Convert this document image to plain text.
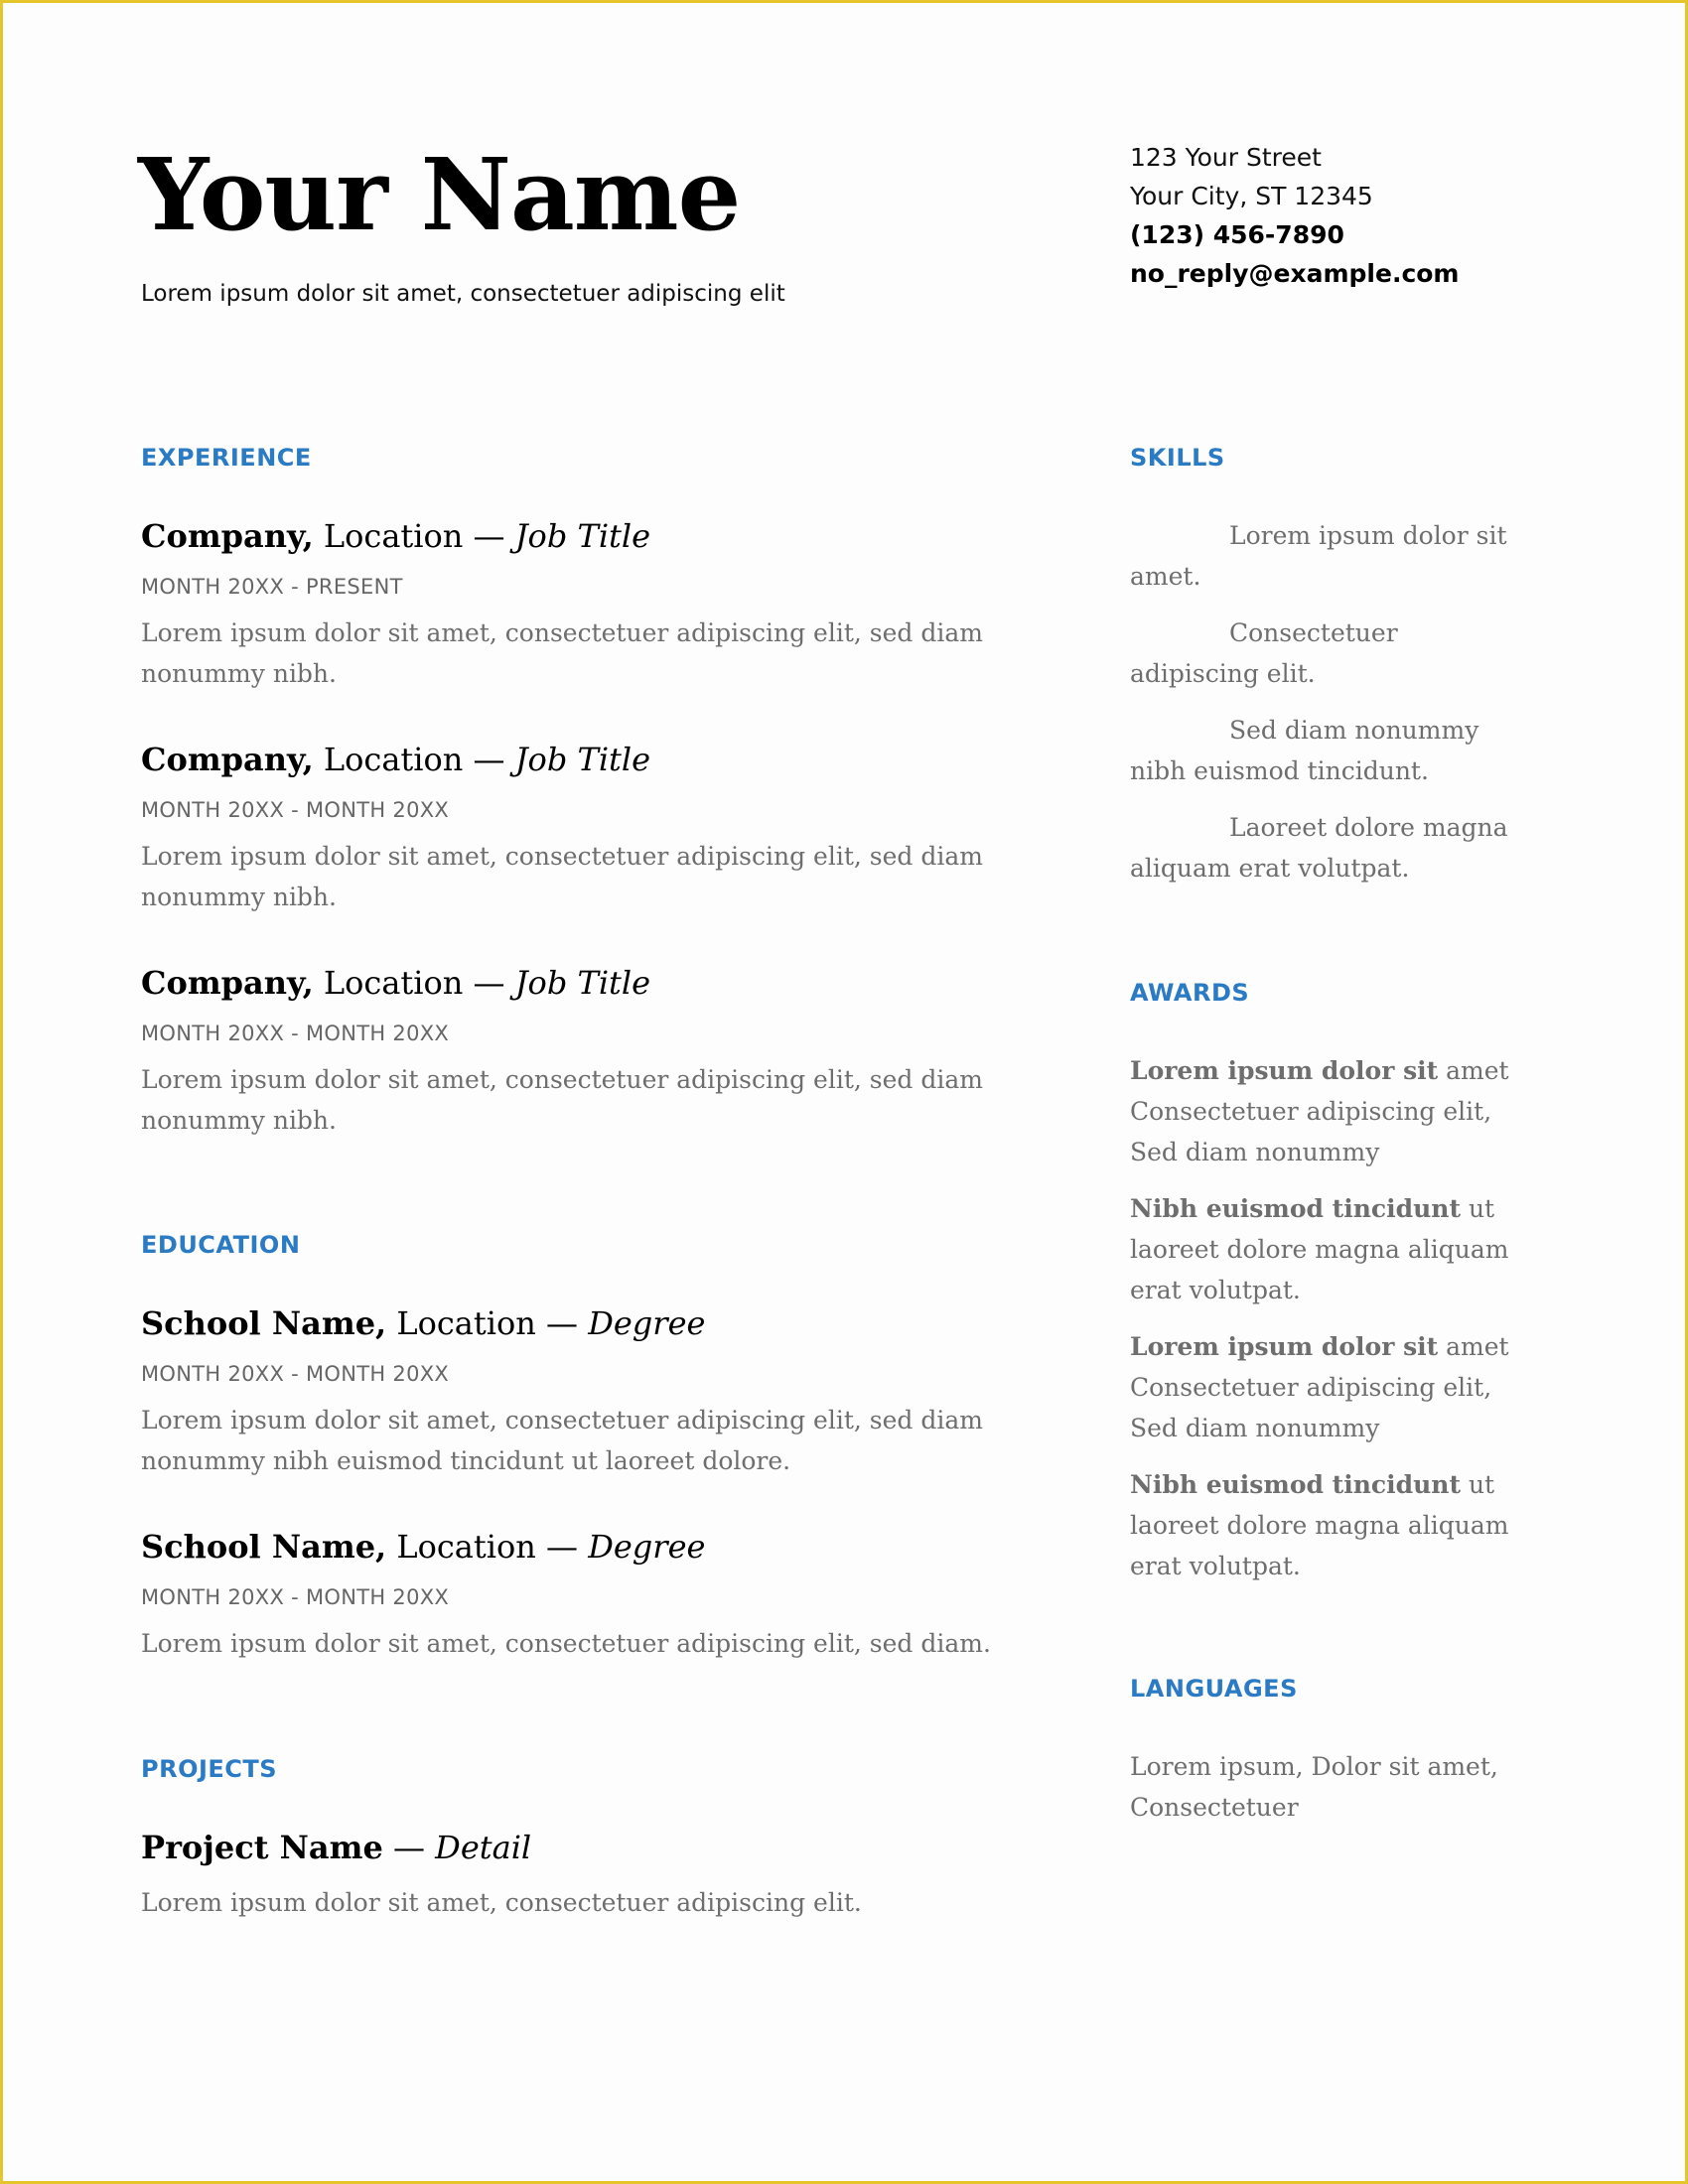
Your Name
Lorem ipsum dolor sit amet, consectetuer adipiscing elit
123 Your Street
Your City, ST 12345
(123) 456-7890
no_reply@example.com
EXPERIENCE
Company, Location — Job Title
MONTH 20XX - PRESENT
Lorem ipsum dolor sit amet, consectetuer adipiscing elit, sed diam nonummy nibh.
Company, Location — Job Title
MONTH 20XX - MONTH 20XX
Lorem ipsum dolor sit amet, consectetuer adipiscing elit, sed diam nonummy nibh.
Company, Location — Job Title
MONTH 20XX - MONTH 20XX
Lorem ipsum dolor sit amet, consectetuer adipiscing elit, sed diam nonummy nibh.
EDUCATION
School Name, Location — Degree
MONTH 20XX - MONTH 20XX
Lorem ipsum dolor sit amet, consectetuer adipiscing elit, sed diam nonummy nibh euismod tincidunt ut laoreet dolore.
School Name, Location — Degree
MONTH 20XX - MONTH 20XX
Lorem ipsum dolor sit amet, consectetuer adipiscing elit, sed diam.
PROJECTS
Project Name — Detail
Lorem ipsum dolor sit amet, consectetuer adipiscing elit.
SKILLS
Lorem ipsum dolor sit amet.
Consectetuer adipiscing elit.
Sed diam nonummy nibh euismod tincidunt.
Laoreet dolore magna aliquam erat volutpat.
AWARDS
Lorem ipsum dolor sit amet Consectetuer adipiscing elit, Sed diam nonummy
Nibh euismod tincidunt ut laoreet dolore magna aliquam erat volutpat.
Lorem ipsum dolor sit amet Consectetuer adipiscing elit, Sed diam nonummy
Nibh euismod tincidunt ut laoreet dolore magna aliquam erat volutpat.
LANGUAGES
Lorem ipsum, Dolor sit amet, Consectetuer
